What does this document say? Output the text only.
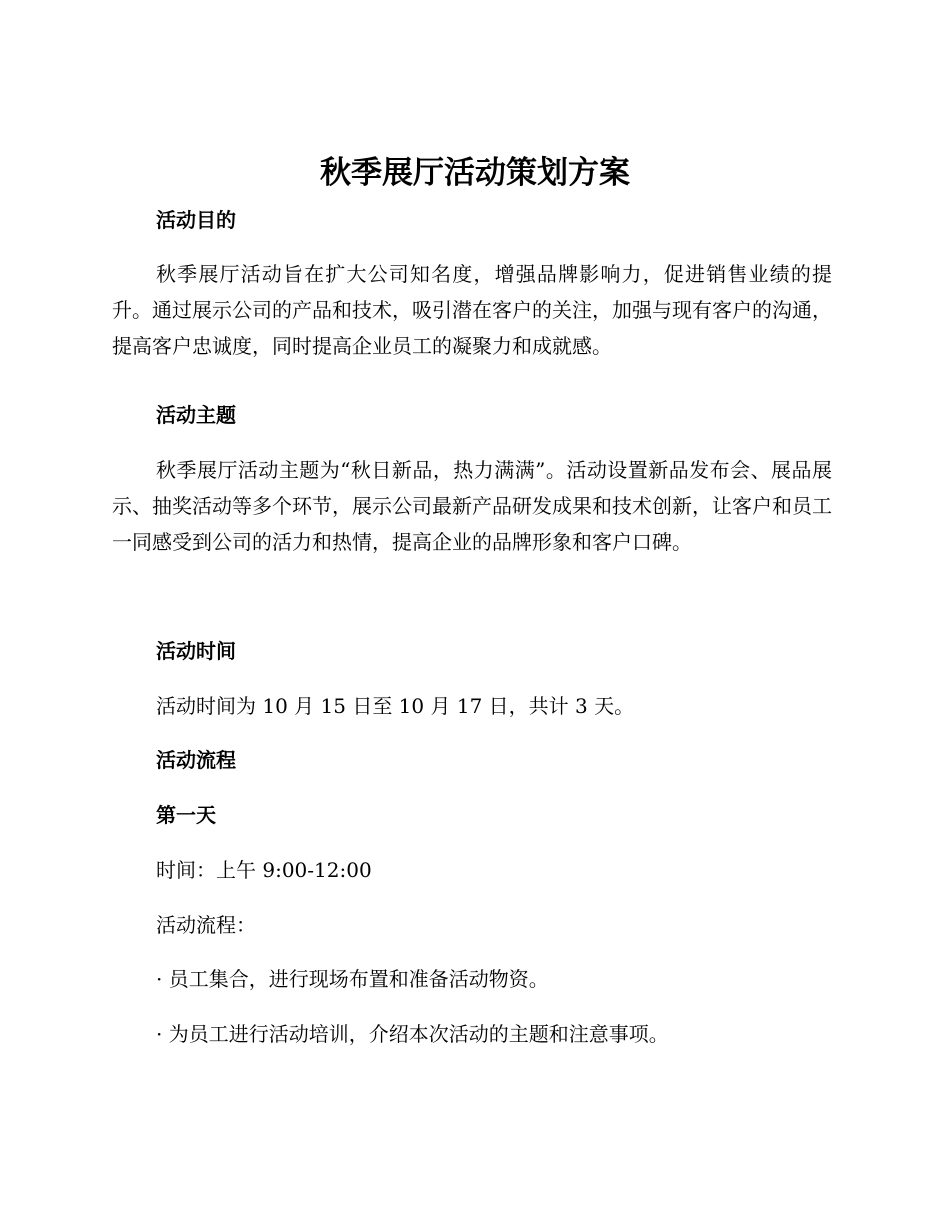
秋季展厅活动策划方案
活动目的

秋季展厅活动旨在扩大公司知名度，增强品牌影响力，促进销售业绩的提升。通过展示公司的产品和技术，吸引潜在客户的关注，加强与现有客户的沟通，提高客户忠诚度，同时提高企业员工的凝聚力和成就感。

活动主题

秋季展厅活动主题为“秋日新品，热力满满”。活动设置新品发布会、展品展示、抽奖活动等多个环节，展示公司最新产品研发成果和技术创新，让客户和员工一同感受到公司的活力和热情，提高企业的品牌形象和客户口碑。

活动时间

活动时间为 10 月 15 日至 10 月 17 日，共计 3 天。

活动流程
第一天

时间：上午 9:00-12:00

活动流程：

· 员工集合，进行现场布置和准备活动物资。

· 为员工进行活动培训，介绍本次活动的主题和注意事项。
